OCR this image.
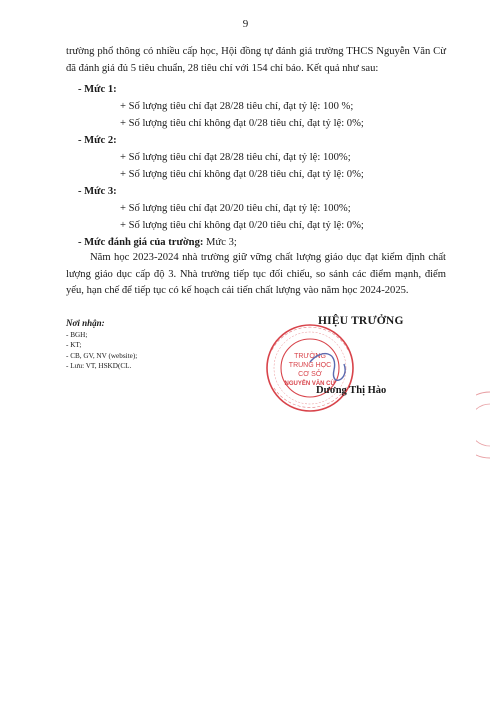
9

trường phổ thông có nhiều cấp học, Hội đồng tự đánh giá trường THCS Nguyễn Văn Cừ đã đánh giá đủ 5 tiêu chuẩn, 28 tiêu chí với 154 chỉ báo. Kết quả như sau:

- Mức 1:
+ Số lượng tiêu chí đạt 28/28 tiêu chí, đạt tỷ lệ: 100 %;
+ Số lượng tiêu chí không đạt 0/28 tiêu chí, đạt tỷ lệ: 0%;
- Mức 2:
+ Số lượng tiêu chí đạt 28/28 tiêu chí, đạt tỷ lệ: 100%;
+ Số lượng tiêu chí không đạt 0/28 tiêu chí, đạt tỷ lệ: 0%;
- Mức 3:
+ Số lượng tiêu chí đạt 20/20 tiêu chí, đạt tỷ lệ: 100%;
+ Số lượng tiêu chí không đạt 0/20 tiêu chí, đạt tỷ lệ: 0%;
- Mức đánh giá của trường: Mức 3;

Năm học 2023-2024 nhà trường giữ vững chất lượng giáo dục đạt kiểm định chất lượng giáo dục cấp độ 3. Nhà trường tiếp tục đối chiếu, so sánh các điểm mạnh, điểm yếu, hạn chế để tiếp tục có kế hoạch cải tiến chất lượng vào năm học 2024-2025.

Nơi nhận:
- BGH;
- KT;
- CB, GV, NV (website);
- Lưu: VT, HSKD(CL.
HIỆU TRƯỞNG
TRƯỜNG
TRUNG HỌC
CƠ SỞ
NGUYỄN VĂN CỪ
Dương Thị Hào
